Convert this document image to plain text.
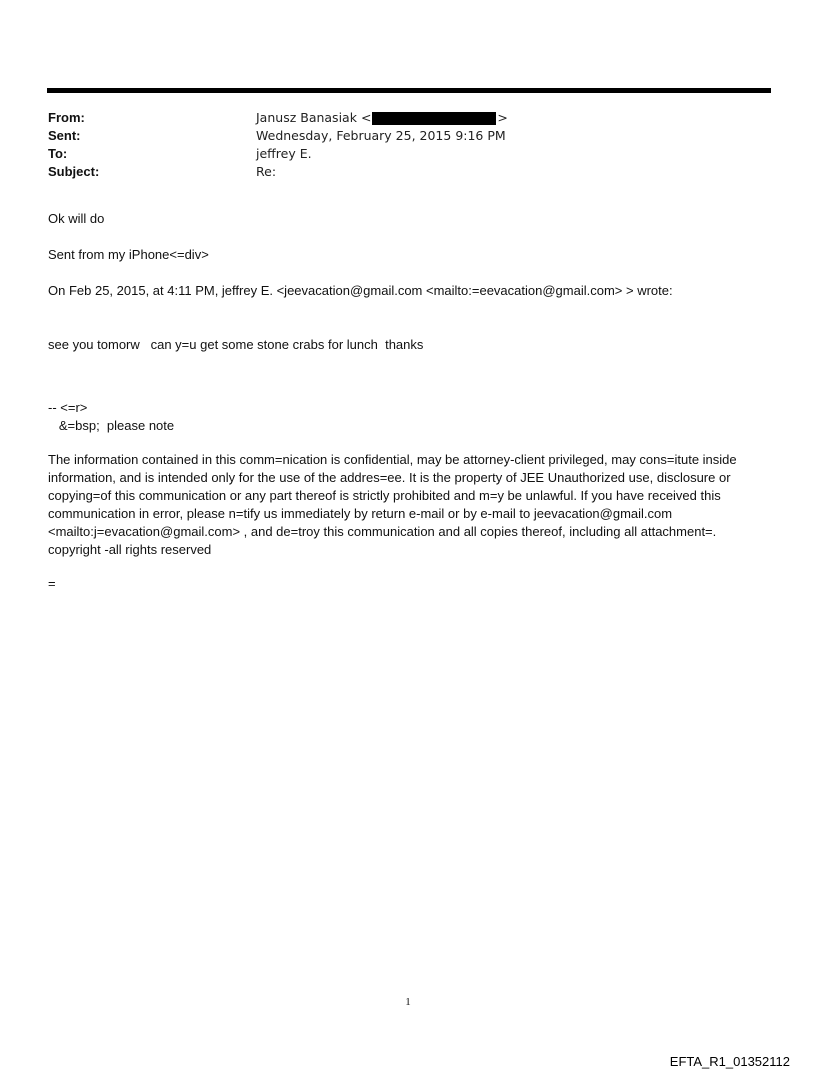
From:	Janusz Banasiak <	>
Sent:	Wednesday, February 25, 2015 9:16 PM
To:	jeffrey E.
Subject:	Re:

Ok will do

Sent from my iPhone<=div>

On Feb 25, 2015, at 4:11 PM, jeffrey E. <jeevacation@gmail.com <mailto:=eevacation@gmail.com> > wrote:

see you tomorw   can y=u get some stone crabs for lunch  thanks

-- <=r>

&=bsp;  please note

The information contained in this comm=nication is confidential, may be attorney-client privileged, may cons=itute inside information, and is intended only for the use of the addres=ee. It is the property of JEE Unauthorized use, disclosure or copying=of this communication or any part thereof is strictly prohibited and m=y be unlawful. If you have received this communication in error, please n=tify us immediately by return e-mail or by e-mail to jeevacation@gmail.com <mailto:j=evacation@gmail.com> , and de=troy this communication and all copies thereof, including all attachment=. copyright -all rights reserved

=

1
EFTA_R1_01352112
